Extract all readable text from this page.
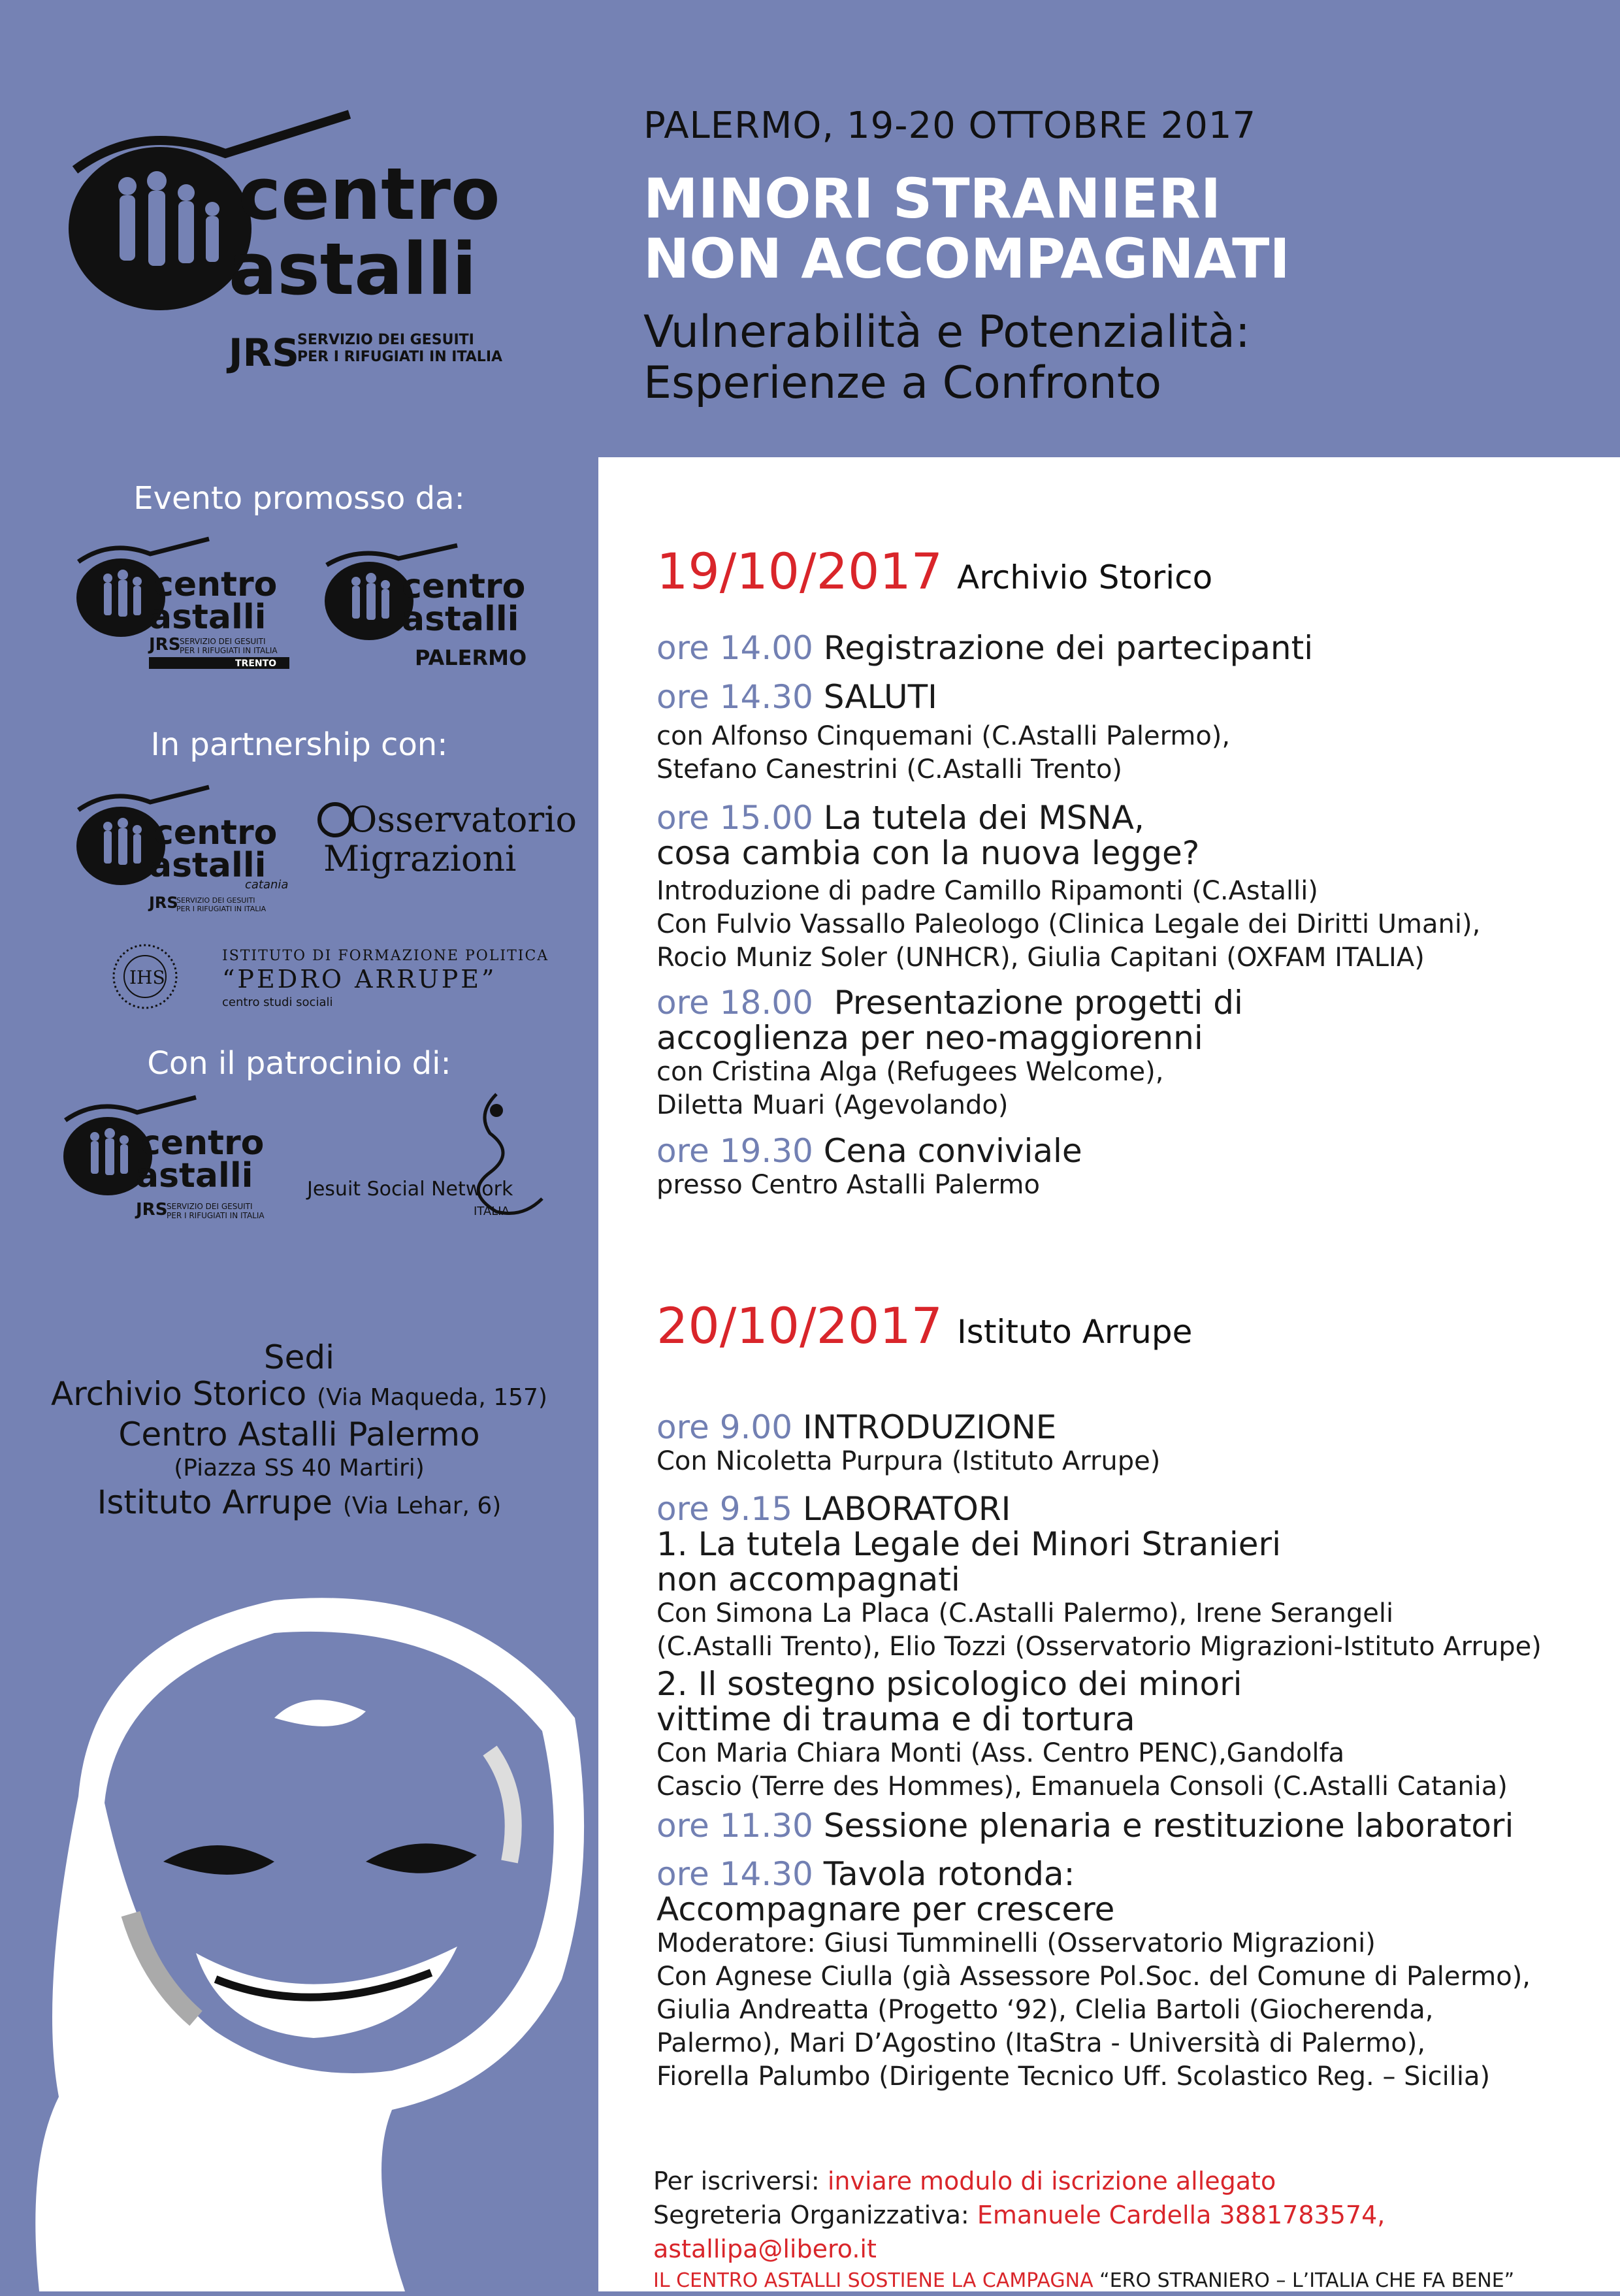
centro
astalli
JRS
SERVIZIO DEI GESUITI
PER I RIFUGIATI IN ITALIA
PALERMO, 19-20 OTTOBRE 2017
MINORI STRANIERI
NON ACCOMPAGNATI
Vulnerabilità e Potenzialità:
Esperienze a Confronto
Evento promosso da:
centro
astalli
JRS
SERVIZIO DEI GESUITI
PER I RIFUGIATI IN ITALIA
TRENTO
centro
astalli
PALERMO
In partnership con:
centro
astalli
catania
JRS
SERVIZIO DEI GESUITI
PER I RIFUGIATI IN ITALIA
Osservatorio
Migrazioni
IHS
ISTITUTO DI FORMAZIONE POLITICA
“PEDRO ARRUPE”
centro studi sociali
Con il patrocinio di:
centro
astalli
JRS
SERVIZIO DEI GESUITI
PER I RIFUGIATI IN ITALIA
Jesuit Social Network
ITALIA
Sedi
Archivio Storico (Via Maqueda, 157)
Centro Astalli Palermo
(Piazza SS 40 Martiri)
Istituto Arrupe (Via Lehar, 6)
19/10/2017 Archivio Storico
ore 14.00 Registrazione dei partecipanti
ore 14.30 SALUTI
con Alfonso Cinquemani (C.Astalli Palermo),
Stefano Canestrini (C.Astalli Trento)
ore 15.00 La tutela dei MSNA,
cosa cambia con la nuova legge?
Introduzione di padre Camillo Ripamonti (C.Astalli)
Con Fulvio Vassallo Paleologo (Clinica Legale dei Diritti Umani),
Rocio Muniz Soler (UNHCR), Giulia Capitani (OXFAM ITALIA)
ore 18.00 Presentazione progetti di
accoglienza per neo-maggiorenni
con Cristina Alga (Refugees Welcome),
Diletta Muari (Agevolando)
ore 19.30 Cena conviviale
presso Centro Astalli Palermo
20/10/2017 Istituto Arrupe
ore 9.00 INTRODUZIONE
Con Nicoletta Purpura (Istituto Arrupe)
ore 9.15 LABORATORI
1. La tutela Legale dei Minori Stranieri
non accompagnati
Con Simona La Placa (C.Astalli Palermo), Irene Serangeli
(C.Astalli Trento), Elio Tozzi (Osservatorio Migrazioni-Istituto Arrupe)
2. Il sostegno psicologico dei minori
vittime di trauma e di tortura
Con Maria Chiara Monti (Ass. Centro PENC),Gandolfa
Cascio (Terre des Hommes), Emanuela Consoli (C.Astalli Catania)
ore 11.30 Sessione plenaria e restituzione laboratori
ore 14.30 Tavola rotonda:
Accompagnare per crescere
Moderatore: Giusi Tumminelli (Osservatorio Migrazioni)
Con Agnese Ciulla (già Assessore Pol.Soc. del Comune di Palermo),
Giulia Andreatta (Progetto ‘92), Clelia Bartoli (Giocherenda,
Palermo), Mari D’Agostino (ItaStra - Università di Palermo),
Fiorella Palumbo (Dirigente Tecnico Uff. Scolastico Reg. – Sicilia)
Per iscriversi: inviare modulo di iscrizione allegato
Segreteria Organizzativa: Emanuele Cardella 3881783574, astallipa@libero.it
IL CENTRO ASTALLI SOSTIENE LA CAMPAGNA “ERO STRANIERO – L’ITALIA CHE FA BENE”
